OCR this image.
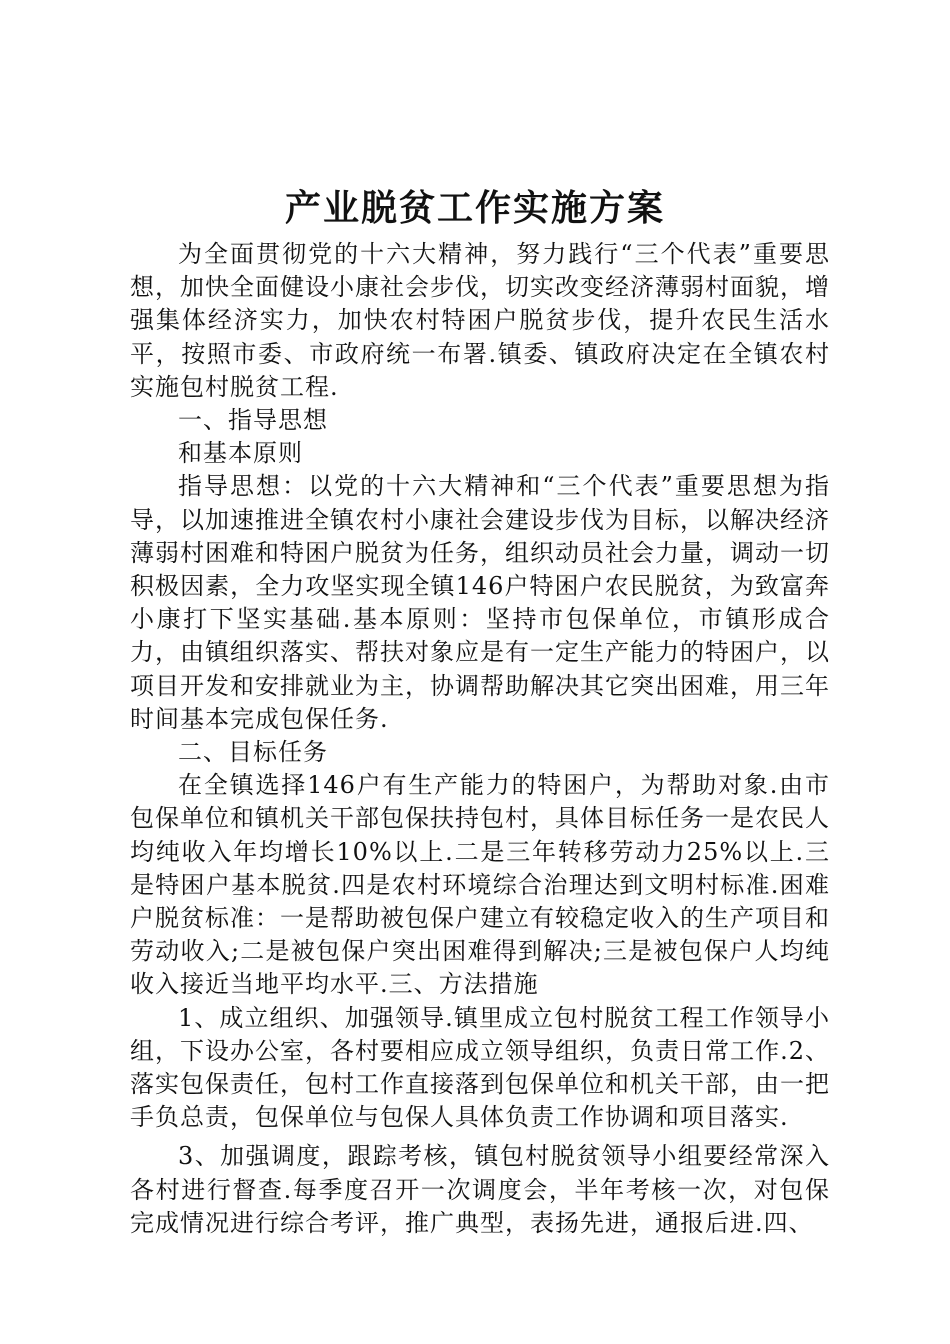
产业脱贫工作实施方案

为全面贯彻党的十六大精神，努力践行“三个代表”重要思想，加快全面健设小康社会步伐，切实改变经济薄弱村面貌，增强集体经济实力，加快农村特困户脱贫步伐，提升农民生活水平，按照市委、市政府统一布署.镇委、镇政府决定在全镇农村实施包村脱贫工程.

一、指导思想

和基本原则

指导思想：以党的十六大精神和“三个代表”重要思想为指导，以加速推进全镇农村小康社会建设步伐为目标，以解决经济薄弱村困难和特困户脱贫为任务，组织动员社会力量，调动一切积极因素，全力攻坚实现全镇146户特困户农民脱贫，为致富奔小康打下坚实基础.基本原则：坚持市包保单位，市镇形成合力，由镇组织落实、帮扶对象应是有一定生产能力的特困户，以项目开发和安排就业为主，协调帮助解决其它突出困难，用三年时间基本完成包保任务.

二、目标任务

在全镇选择146户有生产能力的特困户，为帮助对象.由市包保单位和镇机关干部包保扶持包村，具体目标任务一是农民人均纯收入年均增长10%以上.二是三年转移劳动力25%以上.三是特困户基本脱贫.四是农村环境综合治理达到文明村标准.困难户脱贫标准：一是帮助被包保户建立有较稳定收入的生产项目和劳动收入;二是被包保户突出困难得到解决;三是被包保户人均纯收入接近当地平均水平.三、方法措施

1、成立组织、加强领导.镇里成立包村脱贫工程工作领导小组，下设办公室，各村要相应成立领导组织，负责日常工作.2、落实包保责任，包村工作直接落到包保单位和机关干部，由一把手负总责，包保单位与包保人具体负责工作协调和项目落实.

3、加强调度，跟踪考核，镇包村脱贫领导小组要经常深入各村进行督查.每季度召开一次调度会，半年考核一次，对包保完成情况进行综合考评，推广典型，表扬先进，通报后进.四、
